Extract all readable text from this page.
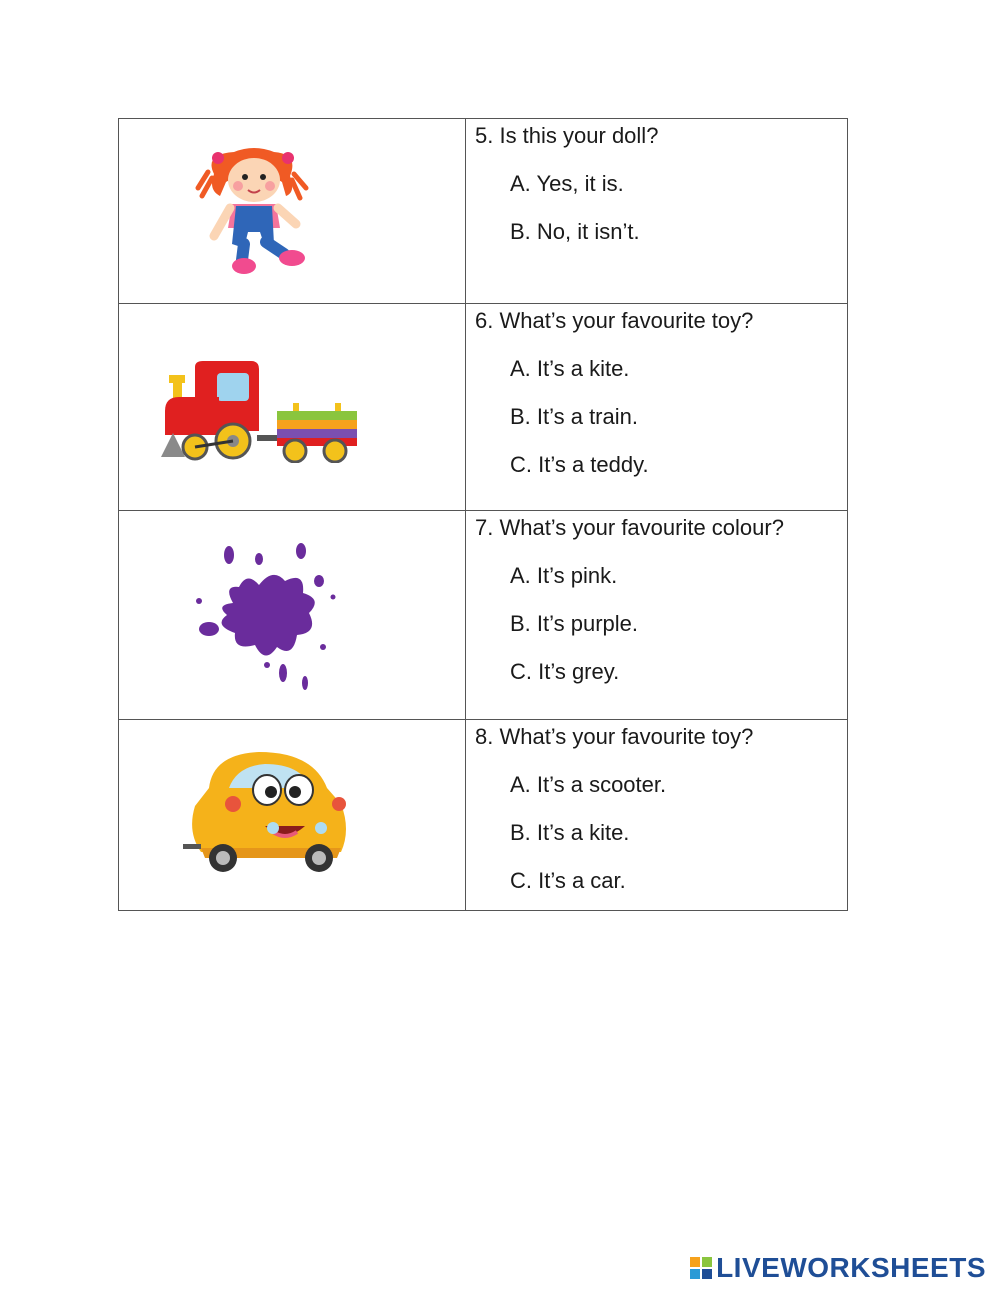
5. Is this your doll?
A. Yes, it is.
B. No, it isn’t.

6. What’s your favourite toy?
A. It’s a kite.
B. It’s a train.
C. It’s a teddy.

7. What’s your favourite colour?
A. It’s pink.
B. It’s purple.
C. It’s grey.

8. What’s your favourite toy?
A. It’s a scooter.
B. It’s a kite.
C. It’s a car.
LIVEWORKSHEETS
